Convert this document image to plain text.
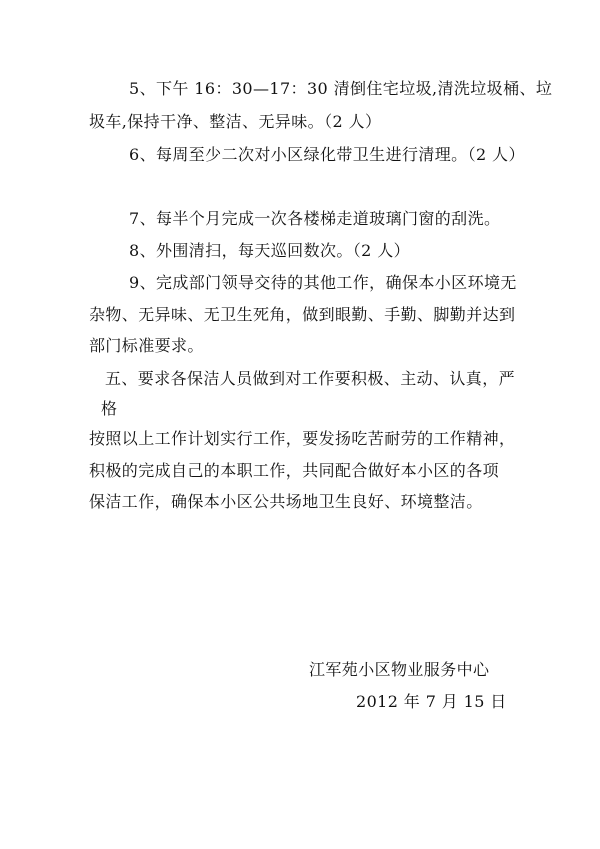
5、下午 16：30—17：30 清倒住宅垃圾,清洗垃圾桶、垃
圾车,保持干净、整洁、无异味。（2 人）
6、每周至少二次对小区绿化带卫生进行清理。（2 人）
7、每半个月完成一次各楼梯走道玻璃门窗的刮洗。
8、外围清扫，每天巡回数次。（2 人）
9、完成部门领导交待的其他工作，确保本小区环境无
杂物、无异味、无卫生死角，做到眼勤、手勤、脚勤并达到
部门标准要求。
五、要求各保洁人员做到对工作要积极、主动、认真，严
格
按照以上工作计划实行工作，要发扬吃苦耐劳的工作精神，
积极的完成自己的本职工作，共同配合做好本小区的各项
保洁工作，确保本小区公共场地卫生良好、环境整洁。
江军苑小区物业服务中心
2012 年 7 月 15 日
